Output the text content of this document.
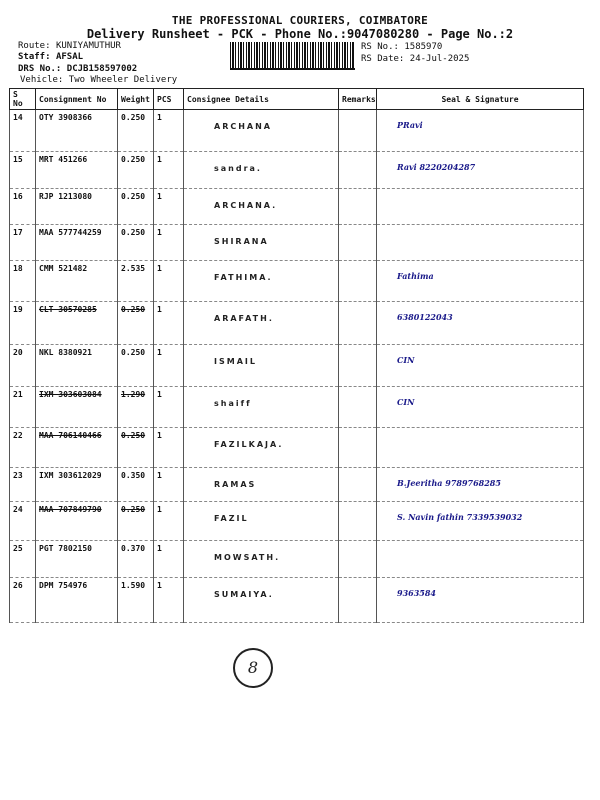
THE PROFESSIONAL COURIERS, COIMBATORE
Delivery Runsheet - PCK - Phone No.:9047080280 - Page No.:2
Route: KUNIYAMUTHUR
Staff: AFSAL
DRS No.: DCJB158597002
Vehicle: Two Wheeler Delivery
RS No.: 1585970
RS Date: 24-Jul-2025
S No	Consignment No	Weight	PCS	Consignee Details	Remarks	Seal & Signature
14	OTY 3908366	0.250	1	ARCHANA		PRavi
15	MRT 451266	0.250	1	sandra.		Ravi 8220204287
16	RJP 1213080	0.250	1	ARCHANA.		
17	MAA 577744259	0.250	1	SHIRANA		
18	CMM 521482	2.535	1	FATHIMA.		Fathima
19	CLT 30570285	0.250	1	ARAFATH.		6380122043
20	NKL 8380921	0.250	1	ISMAIL		CIN
21	IXM 303603084	1.290	1	shaiff		CIN
22	MAA 706140466	0.250	1	FAZILKAJA.		
23	IXM 303612029	0.350	1	RAMAS		B.Jeeritha 9789768285
24	MAA 707849790	0.250	1	FAZIL		S. Navin fathin 7339539032
25	PGT 7802150	0.370	1	MOWSATH.		
26	DPM 754976	1.590	1	SUMAIYA.		9363584
8
